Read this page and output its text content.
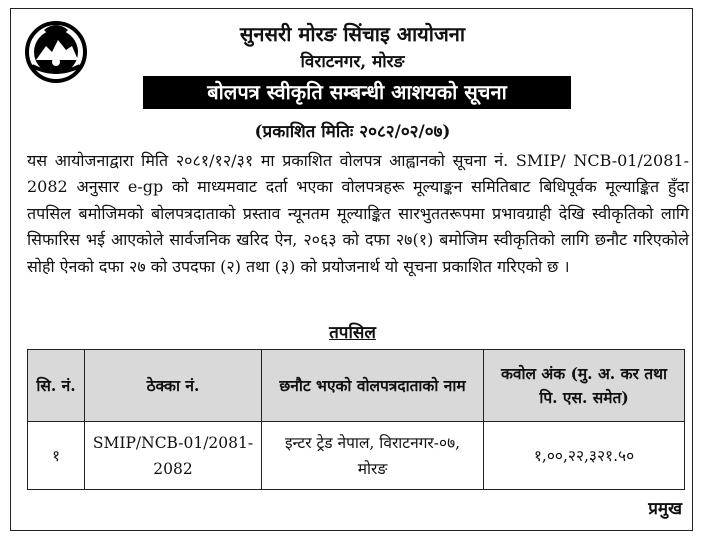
सुनसरी मोरङ सिंचाइ आयोजना
विराटनगर, मोरङ
बोलपत्र स्वीकृति सम्बन्धी आशयको सूचना
(प्रकाशित मितिः २०८२/०२/०७)

यस आयोजनाद्वारा मिति २०८१/१२/३१ मा प्रकाशित वोलपत्र आह्वानको सूचना नं. SMIP/ NCB-01/2081-2082 अनुसार e-gp को माध्यमवाट दर्ता भएका वोलपत्रहरू मूल्याङ्कन समितिबाट बिधिपूर्वक मूल्याङ्कित हुँदा तपसिल बमोजिमको बोलपत्रदाताको प्रस्ताव न्यूनतम मूल्याङ्कित सारभुततरूपमा प्रभावग्राही देखि स्वीकृतिको लागि सिफारिस भई आएकोले सार्वजनिक खरिद ऐन, २०६३ को दफा २७(१) बमोजिम स्वीकृतिको लागि छनौट गरिएकोले सोही ऐनको दफा २७ को उपदफा (२) तथा (३) को प्रयोजनार्थ यो सूचना प्रकाशित गरिएको छ ।

तपसिल
सि. नं.	ठेक्का नं.	छनौट भएको वोलपत्रदाताको नाम	कवोल अंक (मु. अ. कर तथा पि. एस. समेत)
१	SMIP/NCB-01/2081-2082	इन्टर ट्रेड नेपाल, विराटनगर-०७, मोरङ	१,००,२२,३२१.५०
प्रमुख
